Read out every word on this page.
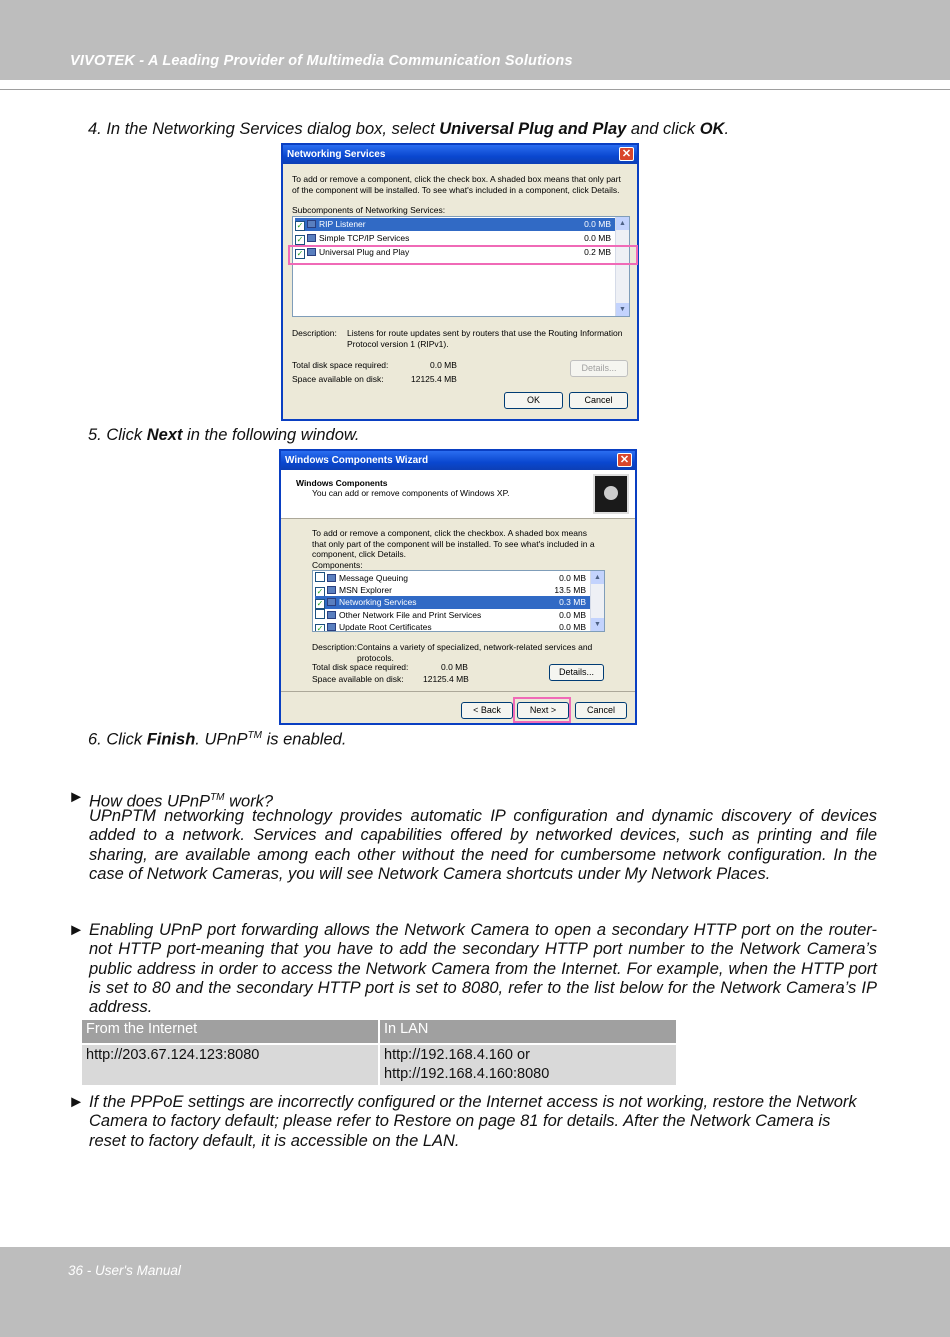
VIVOTEK - A Leading Provider of Multimedia Communication Solutions
4. In the Networking Services dialog box, select Universal Plug and Play and click OK.
Networking Services	✕
To add or remove a component, click the check box. A shaded box means that only part of the component will be installed. To see what's included in a component, click Details.
Subcomponents of Networking Services:
✓ RIP Listener	0.0 MB
✓ Simple TCP/IP Services	0.0 MB
✓ Universal Plug and Play	0.2 MB
▲
▼
Description: Listens for route updates sent by routers that use the Routing Information Protocol version 1 (RIPv1).
Total disk space required:	0.0 MB
Space available on disk:	12125.4 MB
Details...
OK	Cancel
5. Click Next in the following window.
Windows Components Wizard	✕
Windows Components
You can add or remove components of Windows XP.
To add or remove a component, click the checkbox. A shaded box means that only part of the component will be installed. To see what's included in a component, click Details.
Components:
Message Queuing	0.0 MB
✓ MSN Explorer	13.5 MB
✓ Networking Services	0.3 MB
Other Network File and Print Services	0.0 MB
✓ Update Root Certificates	0.0 MB
▲
▼
Description: Contains a variety of specialized, network-related services and protocols.
Total disk space required:	0.0 MB
Space available on disk: 12125.4 MB
Details...
< Back	Next >	Cancel
6. Click Finish. UPnP™ is enabled.
► How does UPnP™ work?
UPnPTM networking technology provides automatic IP configuration and dynamic discovery of devices added to a network. Services and capabilities offered by networked devices, such as printing and file sharing, are available among each other without the need for cumbersome network configuration. In the case of Network Cameras, you will see Network Camera shortcuts under My Network Places.
► Enabling UPnP port forwarding allows the Network Camera to open a secondary HTTP port on the router-not HTTP port-meaning that you have to add the secondary HTTP port number to the Network Camera’s public address in order to access the Network Camera from the Internet. For example, when the HTTP port is set to 80 and the secondary HTTP port is set to 8080, refer to the list below for the Network Camera’s IP address.
From the Internet	In LAN
http://203.67.124.123:8080	http://192.168.4.160 or
http://192.168.4.160:8080
► If the PPPoE settings are incorrectly configured or the Internet access is not working, restore the Network Camera to factory default; please refer to Restore on page 81 for details. After the Network Camera is reset to factory default, it is accessible on the LAN.
36 - User's Manual
